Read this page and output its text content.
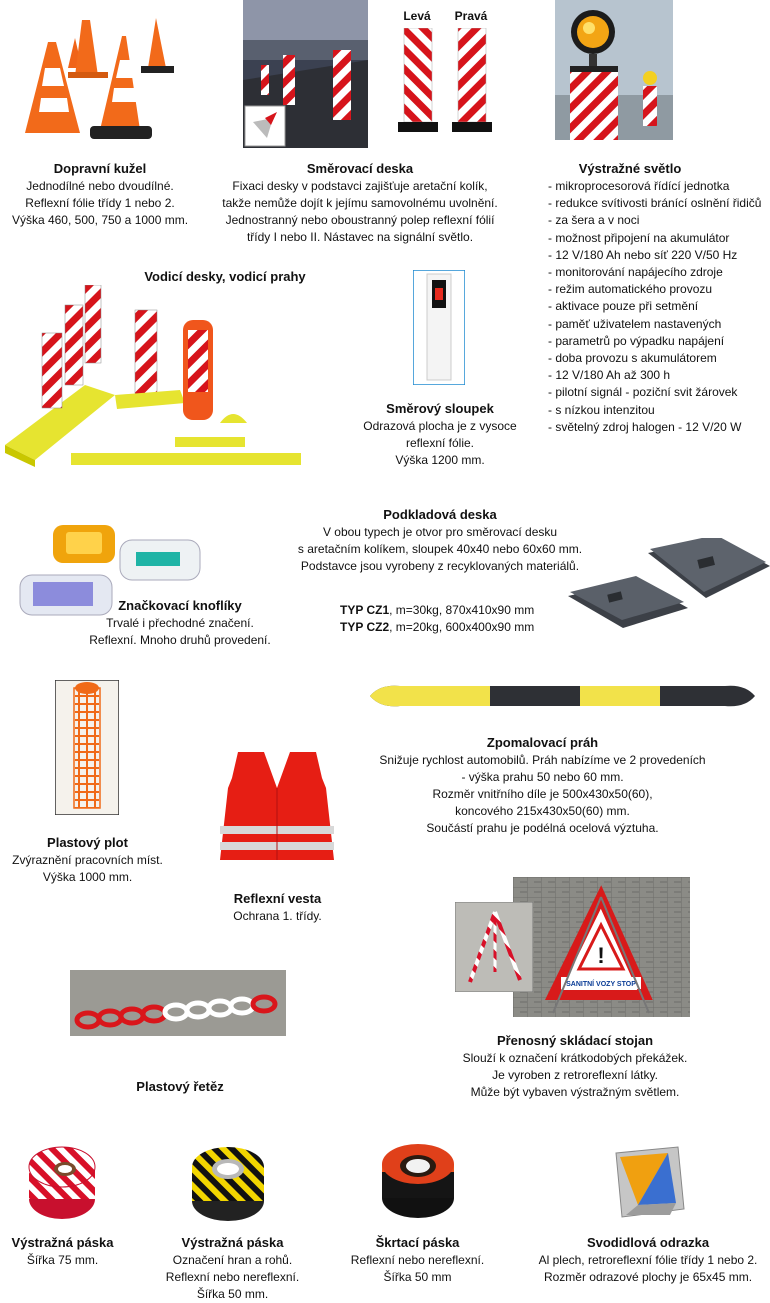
Dopravní kužel
Jednodílné nebo dvoudílné.
Reflexní fólie třídy 1 nebo 2.
Výška 460, 500, 750 a 1000 mm.
Levá	Pravá
Směrovací deska
Fixaci desky v podstavci zajišťuje aretační kolík,
takže nemůže dojít k jejímu samovolnému uvolnění.
Jednostranný nebo oboustranný polep reflexní fólií
třídy I nebo II. Nástavec na signální světlo.
Výstražné světlo
- mikroprocesorová řídící jednotka
- redukce svítivosti bránící oslnění řidičů
- za šera a v noci
- možnost připojení na akumulátor
- 12 V/180 Ah nebo síť 220 V/50 Hz
- monitorování napájecího zdroje
- režim automatického provozu
- aktivace pouze při setmění
- paměť uživatelem nastavených
- parametrů po výpadku napájení
- doba provozu s akumulátorem
- 12 V/180 Ah až 300 h
- pilotní signál - poziční svit žárovek
- s nízkou intenzitou
- světelný zdroj halogen - 12 V/20 W
Vodicí desky, vodicí prahy
Směrový sloupek
Odrazová plocha je z vysoce
reflexní fólie.
Výška 1200 mm.
Podkladová deska
V obou typech je otvor pro směrovací desku
s aretačním kolíkem, sloupek 40x40 nebo 60x60 mm.
Podstavce jsou vyrobeny z recyklovaných materiálů.
TYP CZ1, m=30kg, 870x410x90 mm
TYP CZ2, m=20kg, 600x400x90 mm
Značkovací knoflíky
Trvalé i přechodné značení.
Reflexní. Mnoho druhů provedení.
Plastový plot
Zvýraznění pracovních míst.
Výška 1000 mm.
Reflexní vesta
Ochrana 1. třídy.
Zpomalovací práh
Snižuje rychlost automobilů. Práh nabízíme ve 2 provedeních
- výška prahu 50 nebo 60 mm.
Rozměr vnitřního díle je 500x430x50(60),
koncového 215x430x50(60) mm.
Součástí prahu je podélná ocelová výztuha.
!
SANITNÍ VOZY STOP
Přenosný skládací stojan
Slouží k označení krátkodobých překážek.
Je vyroben z retroreflexní látky.
Může být vybaven výstražným světlem.
Plastový řetěz
Výstražná páska
Šířka 75 mm.
Výstražná páska
Označení hran a rohů.
Reflexní nebo nereflexní.
Šířka 50 mm.
Škrtací páska
Reflexní nebo nereflexní.
Šířka 50 mm
Svodidlová odrazka
Al plech, retroreflexní fólie třídy 1 nebo 2.
Rozměr odrazové plochy je 65x45 mm.
